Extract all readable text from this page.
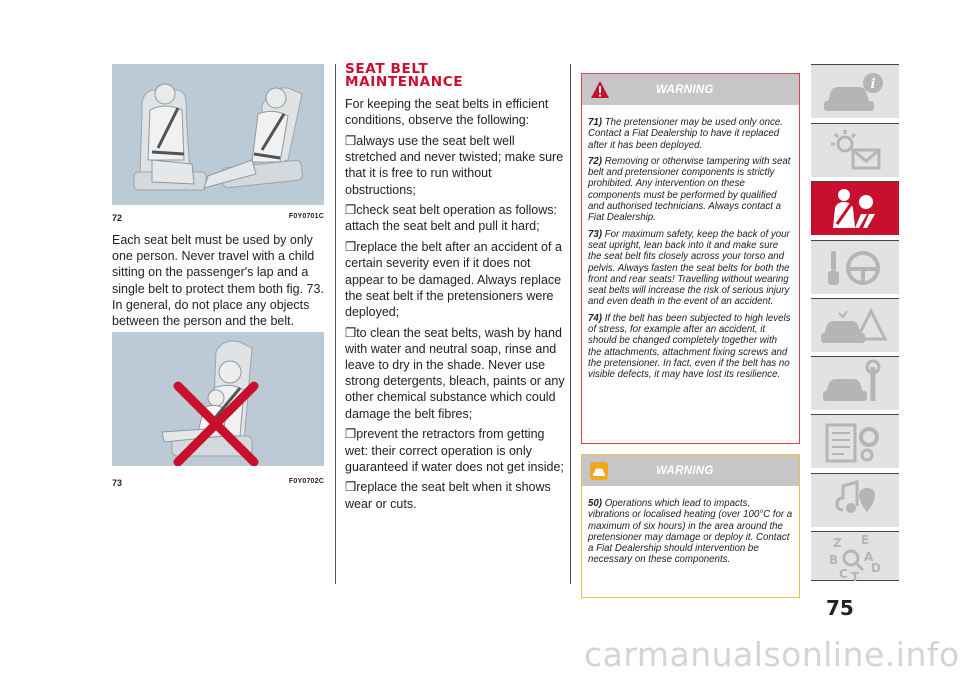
72	F0Y0701C
Each seat belt must be used by only one person. Never travel with a child sitting on the passenger's lap and a single belt to protect them both fig. 73. In general, do not place any objects between the person and the belt.
73	F0Y0702C
SEAT BELT
MAINTENANCE
For keeping the seat belts in efficient conditions, observe the following:
❒always use the seat belt well stretched and never twisted; make sure that it is free to run without obstructions;
❒check seat belt operation as follows: attach the seat belt and pull it hard;
❒replace the belt after an accident of a certain severity even if it does not appear to be damaged. Always replace the seat belt if the pretensioners were deployed;
❒to clean the seat belts, wash by hand with water and neutral soap, rinse and leave to dry in the shade. Never use strong detergents, bleach, paints or any other chemical substance which could damage the belt fibres;
❒prevent the retractors from getting wet: their correct operation is only guaranteed if water does not get inside;
❒replace the seat belt when it shows wear or cuts.
WARNING

71) The pretensioner may be used only once. Contact a Fiat Dealership to have it replaced after it has been deployed.

72) Removing or otherwise tampering with seat belt and pretensioner components is strictly prohibited. Any intervention on these components must be performed by qualified and authorised technicians. Always contact a Fiat Dealership.

73) For maximum safety, keep the back of your seat upright, lean back into it and make sure the seat belt fits closely across your torso and pelvis. Always fasten the seat belts for both the front and rear seats! Travelling without wearing seat belts will increase the risk of serious injury and even death in the event of an accident.

74) If the belt has been subjected to high levels of stress, for example after an accident, it should be changed completely together with the attachments, attachment fixing screws and the pretensioner. In fact, even if the belt has no visible defects, it may have lost its resilience.

WARNING

50) Operations which lead to impacts, vibrations or localised heating (over 100°C for a maximum of six hours) in the area around the pretensioner may damage or deploy it. Contact a Fiat Dealership should intervention be necessary on these components.

i
Z E
B A
C D
T
75
carmanualsonline.info
